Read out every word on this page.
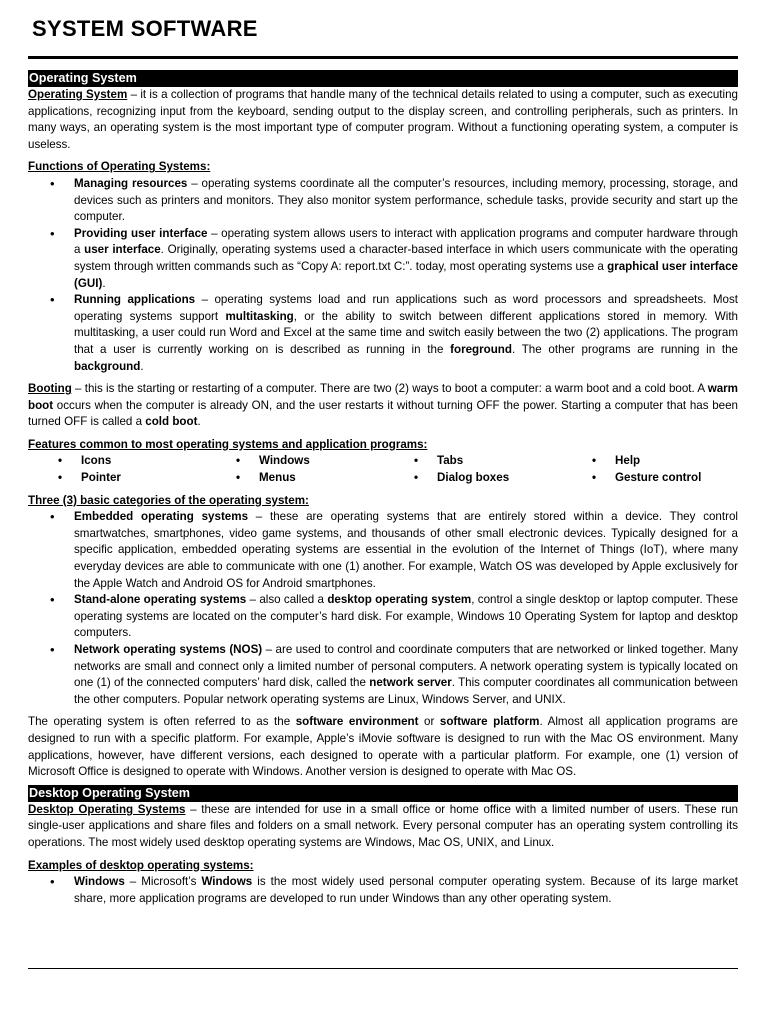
SYSTEM SOFTWARE
Operating System

Operating System – it is a collection of programs that handle many of the technical details related to using a computer, such as executing applications, recognizing input from the keyboard, sending output to the display screen, and controlling peripherals, such as printers. In many ways, an operating system is the most important type of computer program. Without a functioning operating system, a computer is useless.

Functions of Operating Systems:
• Managing resources – operating systems coordinate all the computer’s resources, including memory, processing, storage, and devices such as printers and monitors. They also monitor system performance, schedule tasks, provide security and start up the computer.
• Providing user interface – operating system allows users to interact with application programs and computer hardware through a user interface. Originally, operating systems used a character-based interface in which users communicate with the operating system through written commands such as “Copy A: report.txt C:”. today, most operating systems use a graphical user interface (GUI).
• Running applications – operating systems load and run applications such as word processors and spreadsheets. Most operating systems support multitasking, or the ability to switch between different applications stored in memory. With multitasking, a user could run Word and Excel at the same time and switch easily between the two (2) applications. The program that a user is currently working on is described as running in the foreground. The other programs are running in the background.

Booting – this is the starting or restarting of a computer. There are two (2) ways to boot a computer: a warm boot and a cold boot. A warm boot occurs when the computer is already ON, and the user restarts it without turning OFF the power. Starting a computer that has been turned OFF is called a cold boot.

Features common to most operating systems and application programs:
• Icons	• Windows	• Tabs	• Help
• Pointer	• Menus	• Dialog boxes	• Gesture control
Three (3) basic categories of the operating system:
• Embedded operating systems – these are operating systems that are entirely stored within a device. They control smartwatches, smartphones, video game systems, and thousands of other small electronic devices. Typically designed for a specific application, embedded operating systems are essential in the evolution of the Internet of Things (IoT), where many everyday devices are able to communicate with one (1) another. For example, Watch OS was developed by Apple exclusively for the Apple Watch and Android OS for Android smartphones.
• Stand-alone operating systems – also called a desktop operating system, control a single desktop or laptop computer. These operating systems are located on the computer’s hard disk. For example, Windows 10 Operating System for laptop and desktop computers.
• Network operating systems (NOS) – are used to control and coordinate computers that are networked or linked together. Many networks are small and connect only a limited number of personal computers. A network operating system is typically located on one (1) of the connected computers’ hard disk, called the network server. This computer coordinates all communication between the other computers. Popular network operating systems are Linux, Windows Server, and UNIX.

The operating system is often referred to as the software environment or software platform. Almost all application programs are designed to run with a specific platform. For example, Apple’s iMovie software is designed to run with the Mac OS environment. Many applications, however, have different versions, each designed to operate with a particular platform. For example, one (1) version of Microsoft Office is designed to operate with Windows. Another version is designed to operate with Mac OS.

Desktop Operating System

Desktop Operating Systems – these are intended for use in a small office or home office with a limited number of users. These run single-user applications and share files and folders on a small network. Every personal computer has an operating system controlling its operations. The most widely used desktop operating systems are Windows, Mac OS, UNIX, and Linux.

Examples of desktop operating systems:
• Windows – Microsoft’s Windows is the most widely used personal computer operating system. Because of its large market share, more application programs are developed to run under Windows than any other operating system.
